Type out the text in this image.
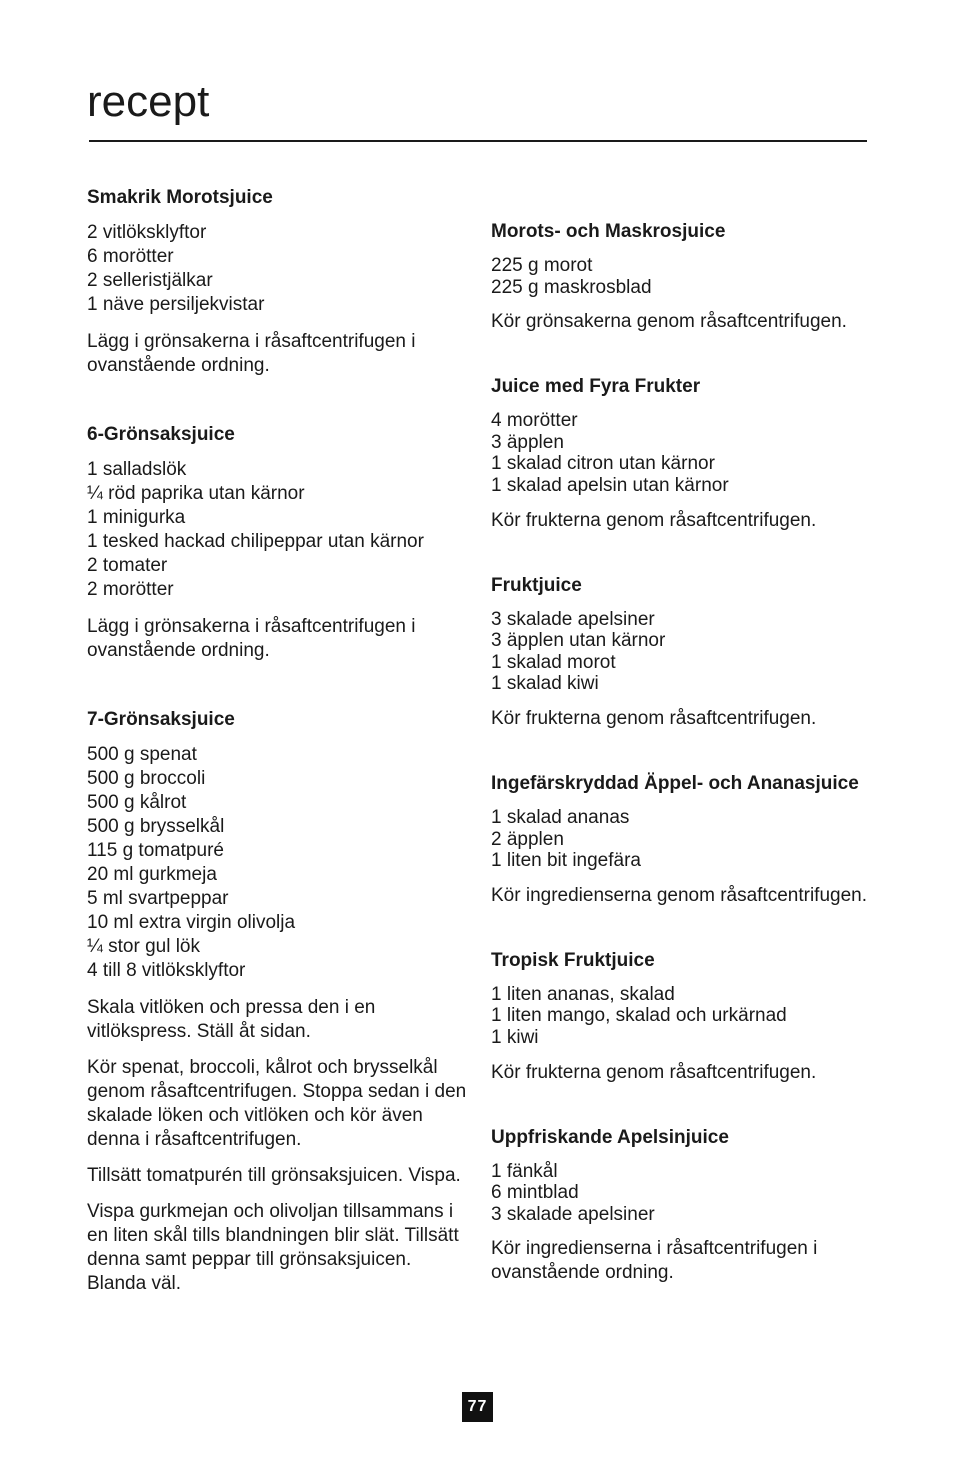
recept
Smakrik Morotsjuice
2 vitlöksklyftor
6 morötter
2 selleristjälkar
1 näve persiljekvistar

Lägg i grönsakerna i råsaftcentrifugen i ovanstående ordning.

6-Grönsaksjuice
1 salladslök
¼ röd paprika utan kärnor
1 minigurka
1 tesked hackad chilipeppar utan kärnor
2 tomater
2 morötter

Lägg i grönsakerna i råsaftcentrifugen i ovanstående ordning.

7-Grönsaksjuice
500 g spenat
500 g broccoli
500 g kålrot
500 g brysselkål
115 g tomatpuré
20 ml gurkmeja
5 ml svartpeppar
10 ml extra virgin olivolja
¼ stor gul lök
4 till 8 vitlöksklyftor

Skala vitlöken och pressa den i en vitlökspress. Ställ åt sidan.

Kör spenat, broccoli, kålrot och brysselkål genom råsaftcentrifugen. Stoppa sedan i den skalade löken och vitlöken och kör även denna i råsaftcentrifugen.

Tillsätt tomatpurén till grönsaksjuicen. Vispa.

Vispa gurkmejan och olivoljan tillsammans i en liten skål tills blandningen blir slät. Tillsätt denna samt peppar till grönsaksjuicen. Blanda väl.

Morots- och Maskrosjuice
225 g morot
225 g maskrosblad

Kör grönsakerna genom råsaftcentrifugen.

Juice med Fyra Frukter
4 morötter
3 äpplen
1 skalad citron utan kärnor
1 skalad apelsin utan kärnor

Kör frukterna genom råsaftcentrifugen.

Fruktjuice
3 skalade apelsiner
3 äpplen utan kärnor
1 skalad morot
1 skalad kiwi

Kör frukterna genom råsaftcentrifugen.

Ingefärskryddad Äppel- och Ananasjuice
1 skalad ananas
2 äpplen
1 liten bit ingefära

Kör ingredienserna genom råsaftcentrifugen.

Tropisk Fruktjuice
1 liten ananas, skalad
1 liten mango, skalad och urkärnad
1 kiwi

Kör frukterna genom råsaftcentrifugen.

Uppfriskande Apelsinjuice
1 fänkål
6 mintblad
3 skalade apelsiner

Kör ingredienserna i råsaftcentrifugen i ovanstående ordning.

77
